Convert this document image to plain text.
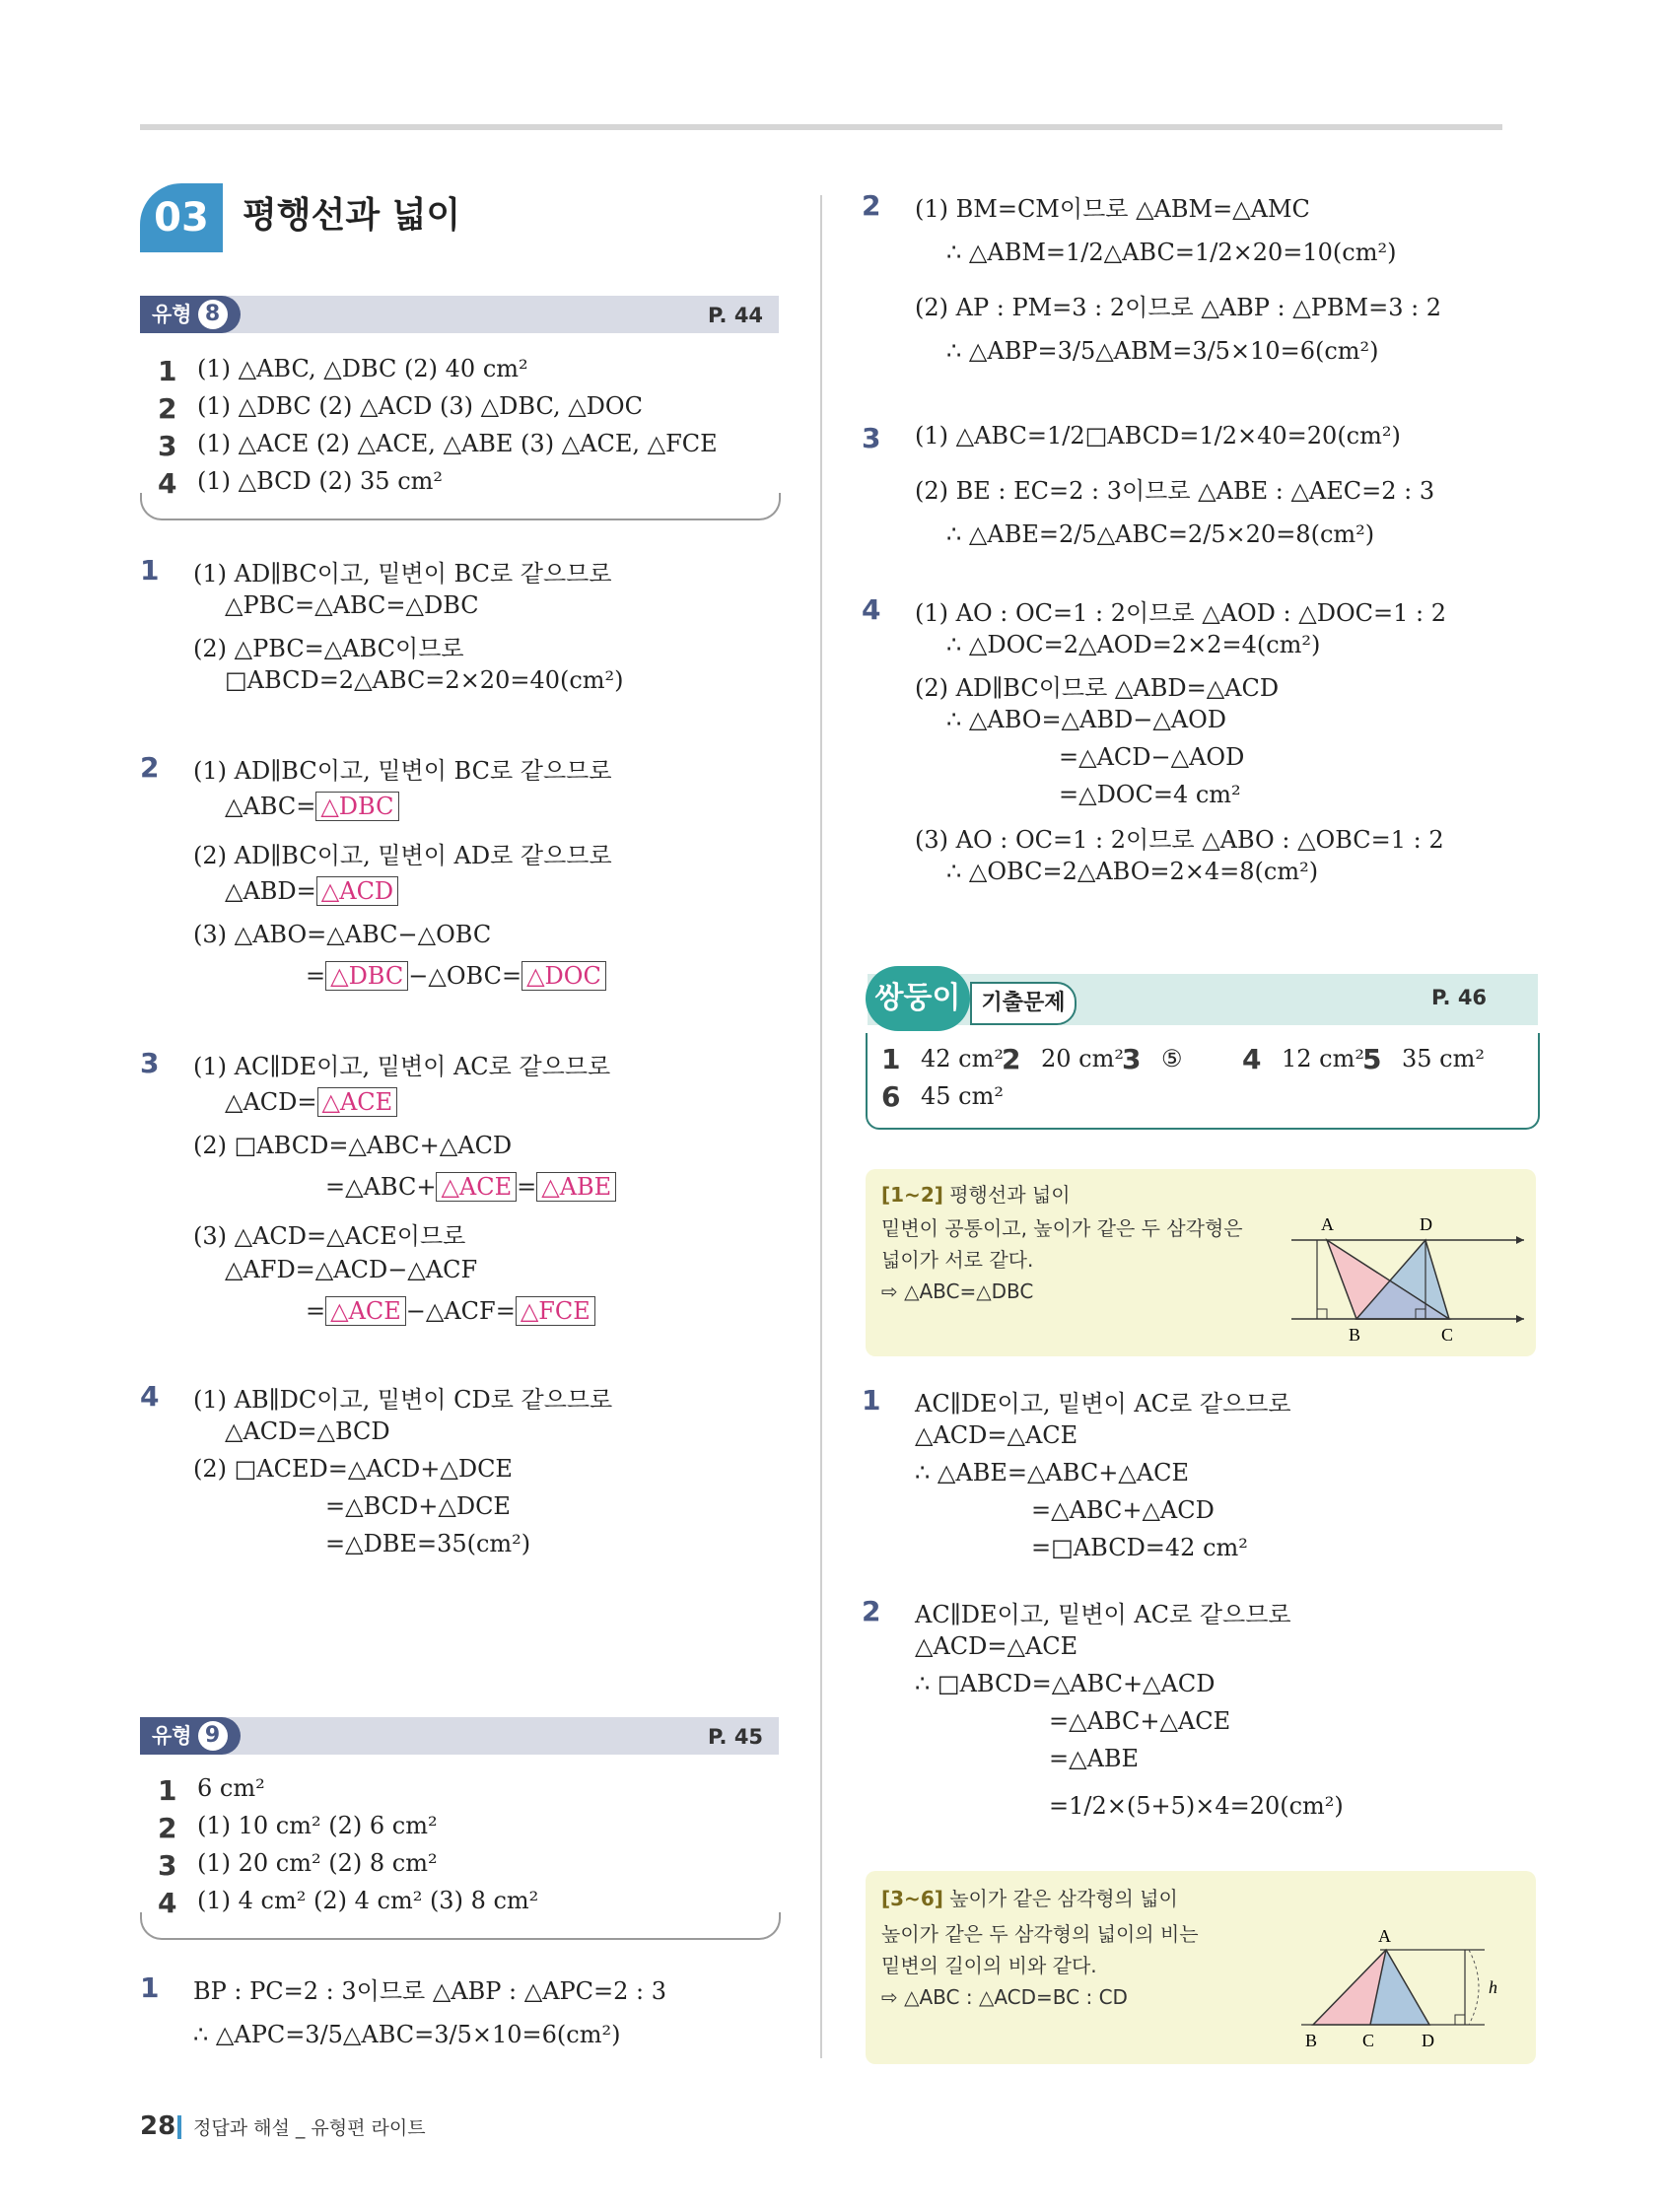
03 평행선과 넓이
유형 8	P. 44
1 (1) △ABC, △DBC (2) 40 cm²
2 (1) △DBC (2) △ACD (3) △DBC, △DOC
3 (1) △ACE (2) △ACE, △ABE (3) △ACE, △FCE
4 (1) △BCD (2) 35 cm²
1 (1) AD∥BC이고, 밑변이 BC로 같으므로
△PBC=△ABC=△DBC
(2) △PBC=△ABC이므로
□ABCD=2△ABC=2×20=40(cm²)
2 (1) AD∥BC이고, 밑변이 BC로 같으므로
△ABC= △DBC
(2) AD∥BC이고, 밑변이 AD로 같으므로
△ABD= △ACD
(3) △ABO=△ABC−△OBC
= △DBC −△OBC= △DOC
3 (1) AC∥DE이고, 밑변이 AC로 같으므로
△ACD= △ACE
(2) □ABCD=△ABC+△ACD
=△ABC+ △ACE = △ABE
(3) △ACD=△ACE이므로
△AFD=△ACD−△ACF
= △ACE −△ACF= △FCE
4 (1) AB∥DC이고, 밑변이 CD로 같으므로
△ACD=△BCD
(2) □ACED=△ACD+△DCE
=△BCD+△DCE
=△DBE=35(cm²)
유형 9	P. 45
1 6 cm²
2 (1) 10 cm² (2) 6 cm²
3 (1) 20 cm² (2) 8 cm²
4 (1) 4 cm² (2) 4 cm² (3) 8 cm²
1 BP : PC=2 : 3이므로 △ABP : △APC=2 : 3
∴ △APC=3/5△ABC=3/5×10=6(cm²)
2 (1) BM=CM이므로 △ABM=△AMC
∴ △ABM=1/2△ABC=1/2×20=10(cm²)
(2) AP : PM=3 : 2이므로 △ABP : △PBM=3 : 2
∴ △ABP=3/5△ABM=3/5×10=6(cm²)
3 (1) △ABC=1/2□ABCD=1/2×40=20(cm²)
(2) BE : EC=2 : 3이므로 △ABE : △AEC=2 : 3
∴ △ABE=2/5△ABC=2/5×20=8(cm²)
4 (1) AO : OC=1 : 2이므로 △AOD : △DOC=1 : 2
∴ △DOC=2△AOD=2×2=4(cm²)
(2) AD∥BC이므로 △ABD=△ACD
∴ △ABO=△ABD−△AOD
=△ACD−△AOD
=△DOC=4 cm²
(3) AO : OC=1 : 2이므로 △ABO : △OBC=1 : 2
∴ △OBC=2△ABO=2×4=8(cm²)
쌍둥이 기출문제	P. 46
1 42 cm²
2 20 cm²
3 ⑤ 4 12 cm²
5 35 cm²
6 45 cm²
[1~2] 평행선과 넓이
밑변이 공통이고, 높이가 같은 두 삼각형은
넓이가 서로 같다.
⇨ △ABC=△DBC
A	D
B	C
1 AC∥DE이고, 밑변이 AC로 같으므로
△ACD=△ACE
∴ △ABE=△ABC+△ACE
=△ABC+△ACD
=□ABCD=42 cm²
2 AC∥DE이고, 밑변이 AC로 같으므로
△ACD=△ACE
∴ □ABCD=△ABC+△ACD
=△ABC+△ACE
=△ABE
=1/2×(5+5)×4=20(cm²)
[3~6] 높이가 같은 삼각형의 넓이
높이가 같은 두 삼각형의 넓이의 비는
밑변의 길이의 비와 같다.
⇨ △ABC : △ACD=BC : CD
A
B	C	D
h
28 정답과 해설 _ 유형편 라이트
